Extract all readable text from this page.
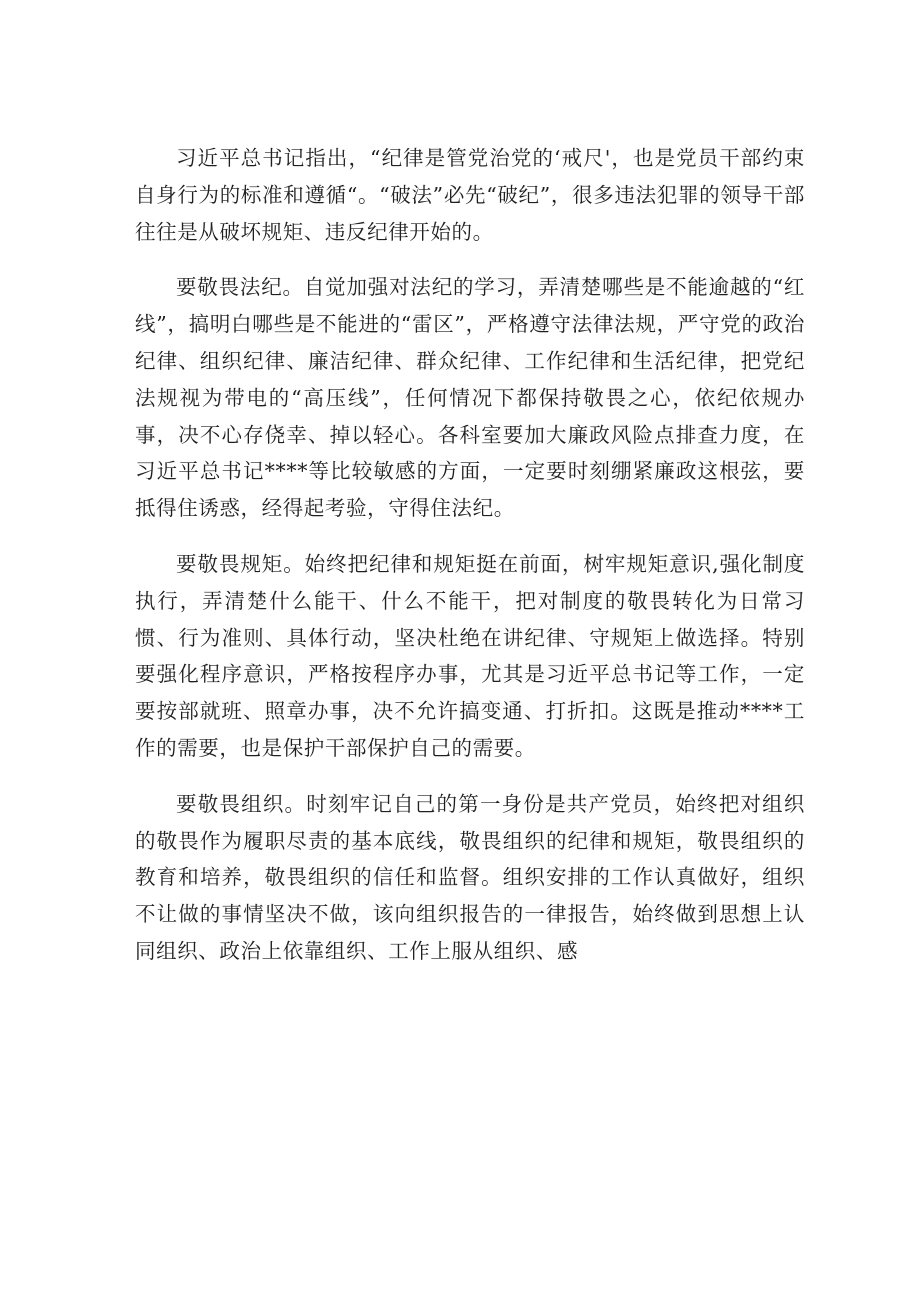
习近平总书记指出，“纪律是管党治党的‘戒尺'，也是党员干部约束自身行为的标准和遵循“。“破法”必先“破纪”，很多违法犯罪的领导干部往往是从破坏规矩、违反纪律开始的。

要敬畏法纪。自觉加强对法纪的学习，弄清楚哪些是不能逾越的“红线”，搞明白哪些是不能进的“雷区”，严格遵守法律法规，严守党的政治纪律、组织纪律、廉洁纪律、群众纪律、工作纪律和生活纪律，把党纪法规视为带电的“高压线”，任何情况下都保持敬畏之心，依纪依规办事，决不心存侥幸、掉以轻心。各科室要加大廉政风险点排查力度，在习近平总书记****等比较敏感的方面，一定要时刻绷紧廉政这根弦，要抵得住诱惑，经得起考验，守得住法纪。

要敬畏规矩。始终把纪律和规矩挺在前面，树牢规矩意识,强化制度执行，弄清楚什么能干、什么不能干，把对制度的敬畏转化为日常习惯、行为准则、具体行动，坚决杜绝在讲纪律、守规矩上做选择。特别要强化程序意识，严格按程序办事，尤其是习近平总书记等工作，一定要按部就班、照章办事，决不允许搞变通、打折扣。这既是推动****工作的需要，也是保护干部保护自己的需要。

要敬畏组织。时刻牢记自己的第一身份是共产党员，始终把对组织的敬畏作为履职尽责的基本底线，敬畏组织的纪律和规矩，敬畏组织的教育和培养，敬畏组织的信任和监督。组织安排的工作认真做好，组织不让做的事情坚决不做，该向组织报告的一律报告，始终做到思想上认同组织、政治上依靠组织、工作上服从组织、感
